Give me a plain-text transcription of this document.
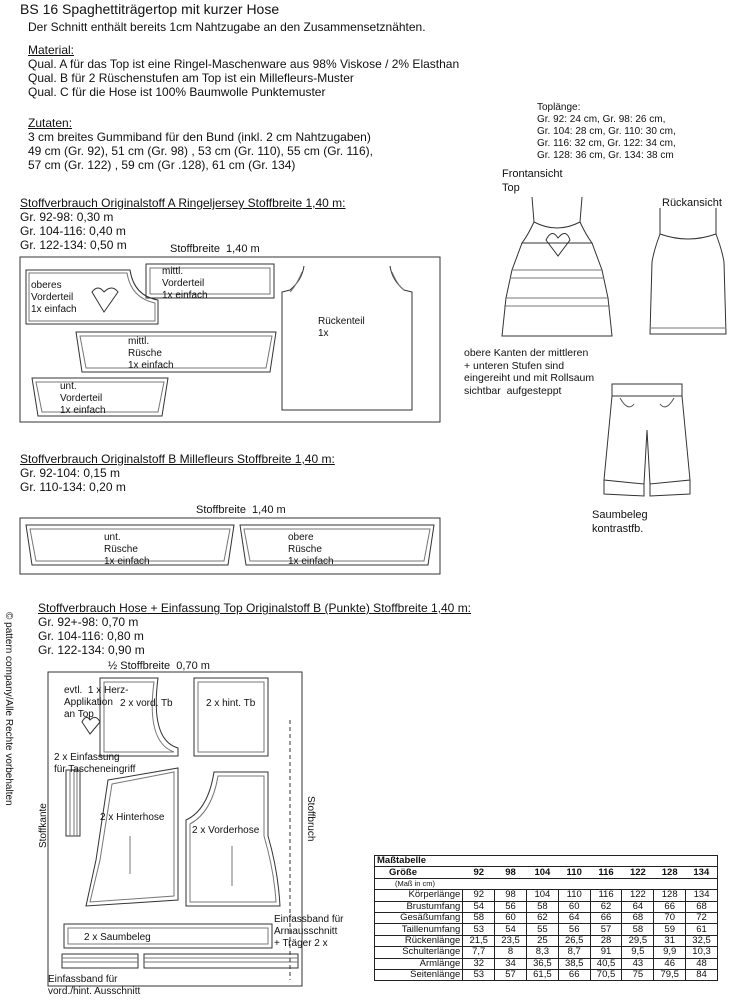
BS 16 Spaghettiträgertop mit kurzer Hose
Der Schnitt enthält bereits 1cm Nahtzugabe an den Zusammensetznähten.
Material:
Qual. A für das Top ist eine Ringel-Maschenware aus 98% Viskose / 2% Elasthan
Qual. B für 2 Rüschenstufen am Top ist ein Millefleurs-Muster
Qual. C für die Hose ist 100% Baumwolle Punktemuster
Zutaten:
3 cm breites Gummiband für den Bund (inkl. 2 cm Nahtzugaben)
49 cm (Gr. 92), 51 cm (Gr. 98) , 53 cm (Gr. 110), 55 cm (Gr. 116),
57 cm (Gr. 122) , 59 cm (Gr .128), 61 cm (Gr. 134)
Toplänge:
Gr. 92: 24 cm, Gr. 98: 26 cm,
Gr. 104: 28 cm, Gr. 110: 30 cm,
Gr. 116: 32 cm, Gr. 122: 34 cm,
Gr. 128: 36 cm, Gr. 134: 38 cm
Frontansicht
Top
Rückansicht
obere Kanten der mittleren
+ unteren Stufen sind
eingereiht und mit Rollsaum
sichtbar  aufgesteppt
Saumbeleg
kontrastfb.
Stoffverbrauch Originalstoff A Ringeljersey Stoffbreite 1,40 m:
Gr. 92-98: 0,30 m
Gr. 104-116: 0,40 m
Gr. 122-134: 0,50 m	Stoffbreite  1,40 m
Stoffverbrauch Originalstoff B Millefleurs Stoffbreite 1,40 m:
Gr. 92-104: 0,15 m
Gr. 110-134: 0,20 m
Stoffbreite  1,40 m
Stoffverbrauch Hose + Einfassung Top Originalstoff B (Punkte) Stoffbreite 1,40 m:
Gr. 92+-98: 0,70 m
Gr. 104-116: 0,80 m
Gr. 122-134: 0,90 m
½ Stoffbreite  0,70 m
oberes
Vorderteil
1x einfach
mittl.
Vorderteil
1x einfach
mittl.
Rüsche
1x einfach
unt.
Vorderteil
1x einfach
Rückenteil
1x
unt.
Rüsche
1x einfach
obere
Rüsche
1x einfach
evtl.  1 x Herz-
Applikation
an Top
2 x vord. Tb	2 x hint. Tb
2 x Einfassung
für Tascheneingriff
2 x Hinterhose
2 x Vorderhose
2 x Saumbeleg
Einfassband für
Armausschnitt
+ Träger 2 x
Einfassband für
vord./hint. Ausschnitt
Stoffkante	Stoffbruch
© pattern company/Alle Rechte vorbehalten
Maßtabelle								
Größe	92	98	104	110	116	122	128	134
(Maß in cm)								
Körperlänge	92	98	104	110	116	122	128	134
Brustumfang	54	56	58	60	62	64	66	68
Gesäßumfang	58	60	62	64	66	68	70	72
Taillenumfang	53	54	55	56	57	58	59	61
Rückenlänge	21,5	23,5	25	26,5	28	29,5	31	32,5
Schulterlänge	7,7	8	8,3	8,7	91	9,5	9,9	10,3
Armlänge	32	34	36,5	38,5	40,5	43	46	48
Seitenlänge	53	57	61,5	66	70,5	75	79,5	84
